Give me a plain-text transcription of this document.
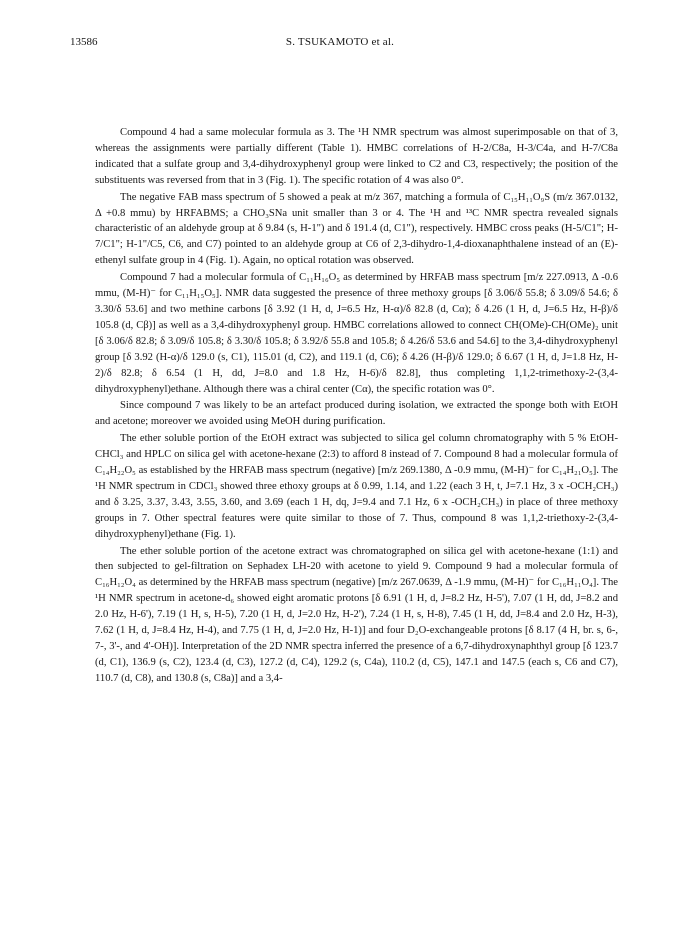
13586	S. TSUKAMOTO et al.

Compound 4 had a same molecular formula as 3. The ¹H NMR spectrum was almost superimposable on that of 3, whereas the assignments were partially different (Table 1). HMBC correlations of H-2/C8a, H-3/C4a, and H-7/C8a indicated that a sulfate group and 3,4-dihydroxyphenyl group were linked to C2 and C3, respectively; the position of the substituents was reversed from that in 3 (Fig. 1). The specific rotation of 4 was also 0°.

The negative FAB mass spectrum of 5 showed a peak at m/z 367, matching a formula of C₁₅H₁₁O₉S (m/z 367.0132, Δ +0.8 mmu) by HRFABMS; a CHO₃SNa unit smaller than 3 or 4. The ¹H and ¹³C NMR spectra revealed signals characteristic of an aldehyde group at δ 9.84 (s, H-1") and δ 191.4 (d, C1"), respectively. HMBC cross peaks (H-5/C1"; H-7/C1"; H-1"/C5, C6, and C7) pointed to an aldehyde group at C6 of 2,3-dihydro-1,4-dioxanaphthalene instead of an (E)-ethenyl sulfate group in 4 (Fig. 1). Again, no optical rotation was observed.

Compound 7 had a molecular formula of C₁₁H₁₆O₅ as determined by HRFAB mass spectrum [m/z 227.0913, Δ -0.6 mmu, (M-H)⁻ for C₁₁H₁₅O₅]. NMR data suggested the presence of three methoxy groups [δ 3.06/δ 55.8; δ 3.09/δ 54.6; δ 3.30/δ 53.6] and two methine carbons [δ 3.92 (1 H, d, J=6.5 Hz, H-α)/δ 82.8 (d, Cα); δ 4.26 (1 H, d, J=6.5 Hz, H-β)/δ 105.8 (d, Cβ)] as well as a 3,4-dihydroxyphenyl group. HMBC correlations allowed to connect CH(OMe)-CH(OMe)₂ unit [δ 3.06/δ 82.8; δ 3.09/δ 105.8; δ 3.30/δ 105.8; δ 3.92/δ 55.8 and 105.8; δ 4.26/δ 53.6 and 54.6] to the 3,4-dihydroxyphenyl group [δ 3.92 (H-α)/δ 129.0 (s, C1), 115.01 (d, C2), and 119.1 (d, C6); δ 4.26 (H-β)/δ 129.0; δ 6.67 (1 H, d, J=1.8 Hz, H-2)/δ 82.8; δ 6.54 (1 H, dd, J=8.0 and 1.8 Hz, H-6)/δ 82.8], thus completing 1,1,2-trimethoxy-2-(3,4-dihydroxyphenyl)ethane. Although there was a chiral center (Cα), the specific rotation was 0°.

Since compound 7 was likely to be an artefact produced during isolation, we extracted the sponge both with EtOH and acetone; moreover we avoided using MeOH during purification.

The ether soluble portion of the EtOH extract was subjected to silica gel column chromatography with 5 % EtOH-CHCl₃ and HPLC on silica gel with acetone-hexane (2:3) to afford 8 instead of 7. Compound 8 had a molecular formula of C₁₄H₂₂O₅ as established by the HRFAB mass spectrum (negative) [m/z 269.1380, Δ -0.9 mmu, (M-H)⁻ for C₁₄H₂₁O₅]. The ¹H NMR spectrum in CDCl₃ showed three ethoxy groups at δ 0.99, 1.14, and 1.22 (each 3 H, t, J=7.1 Hz, 3 x -OCH₂CH₃) and δ 3.25, 3.37, 3.43, 3.55, 3.60, and 3.69 (each 1 H, dq, J=9.4 and 7.1 Hz, 6 x -OCH₂CH₃) in place of three methoxy groups in 7. Other spectral features were quite similar to those of 7. Thus, compound 8 was 1,1,2-triethoxy-2-(3,4-dihydroxyphenyl)ethane (Fig. 1).

The ether soluble portion of the acetone extract was chromatographed on silica gel with acetone-hexane (1:1) and then subjected to gel-filtration on Sephadex LH-20 with acetone to yield 9. Compound 9 had a molecular formula of C₁₆H₁₂O₄ as determined by the HRFAB mass spectrum (negative) [m/z 267.0639, Δ -1.9 mmu, (M-H)⁻ for C₁₆H₁₁O₄]. The ¹H NMR spectrum in acetone-d₆ showed eight aromatic protons [δ 6.91 (1 H, d, J=8.2 Hz, H-5'), 7.07 (1 H, dd, J=8.2 and 2.0 Hz, H-6'), 7.19 (1 H, s, H-5), 7.20 (1 H, d, J=2.0 Hz, H-2'), 7.24 (1 H, s, H-8), 7.45 (1 H, dd, J=8.4 and 2.0 Hz, H-3), 7.62 (1 H, d, J=8.4 Hz, H-4), and 7.75 (1 H, d, J=2.0 Hz, H-1)] and four D₂O-exchangeable protons [δ 8.17 (4 H, br. s, 6-, 7-, 3'-, and 4'-OH)]. Interpretation of the 2D NMR spectra inferred the presence of a 6,7-dihydroxynaphthyl group [δ 123.7 (d, C1), 136.9 (s, C2), 123.4 (d, C3), 127.2 (d, C4), 129.2 (s, C4a), 110.2 (d, C5), 147.1 and 147.5 (each s, C6 and C7), 110.7 (d, C8), and 130.8 (s, C8a)] and a 3,4-
